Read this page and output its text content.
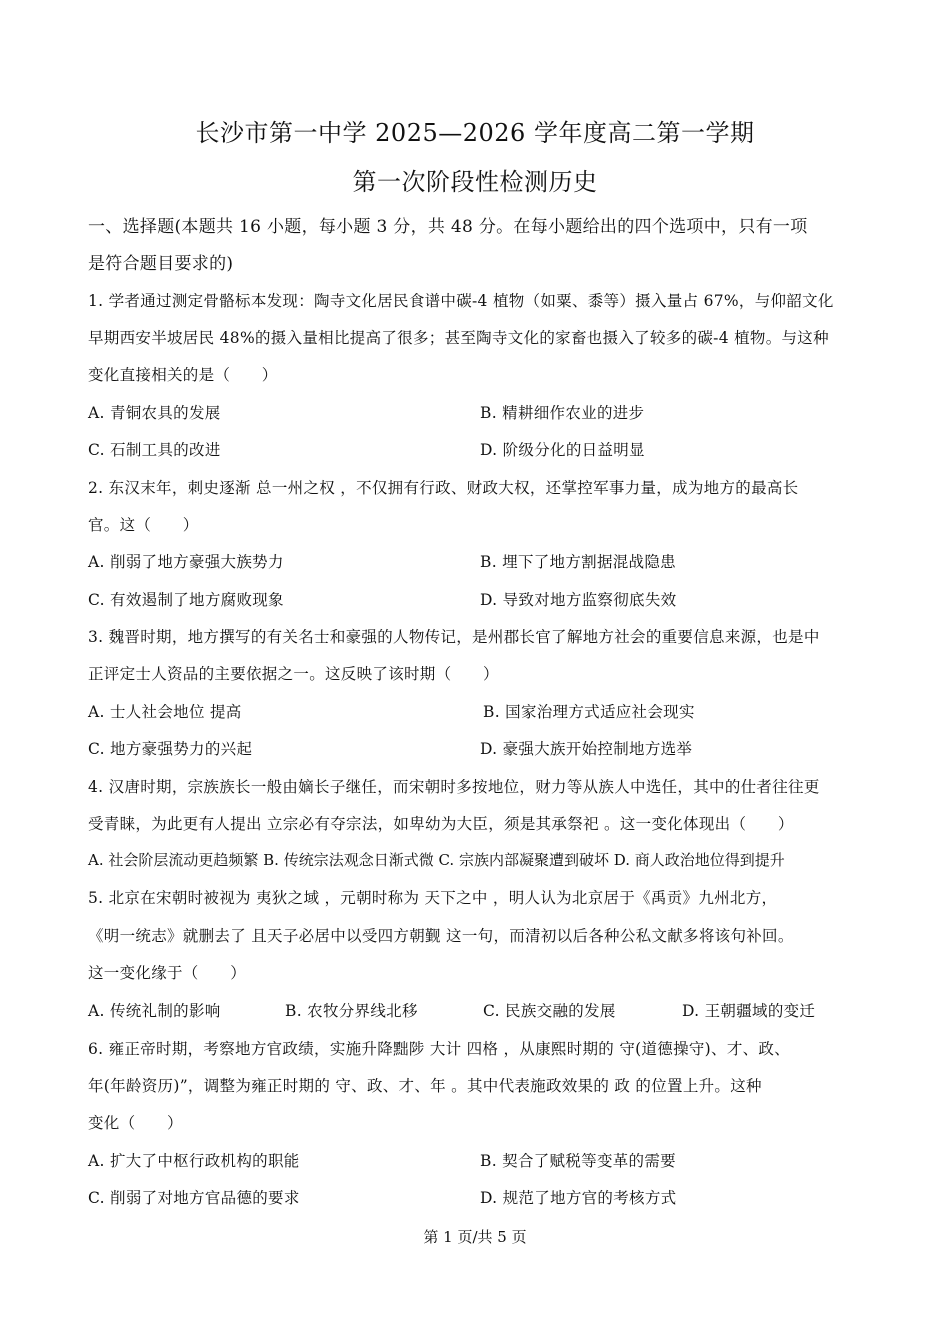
长沙市第一中学 2025—2026 学年度高二第一学期
第一次阶段性检测历史
一、选择题(本题共 16 小题，每小题 3 分，共 48 分。在每小题给出的四个选项中，只有一项
是符合题目要求的)
1. 学者通过测定骨骼标本发现：陶寺文化居民食谱中碳-4 植物（如粟、黍等）摄入量占 67%，与仰韶文化
早期西安半坡居民 48%的摄入量相比提高了很多；甚至陶寺文化的家畜也摄入了较多的碳-4 植物。与这种
变化直接相关的是（　　）
A. 青铜农具的发展	B. 精耕细作农业的进步
C. 石制工具的改进	D. 阶级分化的日益明显
2. 东汉末年，刺史逐渐 总一州之权 ，不仅拥有行政、财政大权，还掌控军事力量，成为地方的最高长
官。这（　　）
A. 削弱了地方豪强大族势力	B. 埋下了地方割据混战隐患
C. 有效遏制了地方腐败现象	D. 导致对地方监察彻底失效
3. 魏晋时期，地方撰写的有关名士和豪强的人物传记，是州郡长官了解地方社会的重要信息来源，也是中
正评定士人资品的主要依据之一。这反映了该时期（　　）
A. 士人社会地位 提高	B. 国家治理方式适应社会现实
C. 地方豪强势力的兴起	D. 豪强大族开始控制地方选举
4. 汉唐时期，宗族族长一般由嫡长子继任，而宋朝时多按地位，财力等从族人中选任，其中的仕者往往更
受青睐，为此更有人提出 立宗必有夺宗法，如卑幼为大臣，须是其承祭祀 。这一变化体现出（　　）
A. 社会阶层流动更趋频繁 B. 传统宗法观念日渐式微 C. 宗族内部凝聚遭到破坏 D. 商人政治地位得到提升
5. 北京在宋朝时被视为 夷狄之域 ，元朝时称为 天下之中 ，明人认为北京居于《禹贡》九州北方，
《明一统志》就删去了 且天子必居中以受四方朝觐 这一句，而清初以后各种公私文献多将该句补回。
这一变化缘于（　　）
A. 传统礼制的影响	B. 农牧分界线北移	C. 民族交融的发展	D. 王朝疆域的变迁
6. 雍正帝时期，考察地方官政绩，实施升降黜陟 大计 四格 ，从康熙时期的 守(道德操守)、才、政、
年(年龄资历)”，调整为雍正时期的 守、政、才、年 。其中代表施政效果的 政 的位置上升。这种
变化（　　）
A. 扩大了中枢行政机构的职能	B. 契合了赋税等变革的需要
C. 削弱了对地方官品德的要求	D. 规范了地方官的考核方式
第 1 页/共 5 页
